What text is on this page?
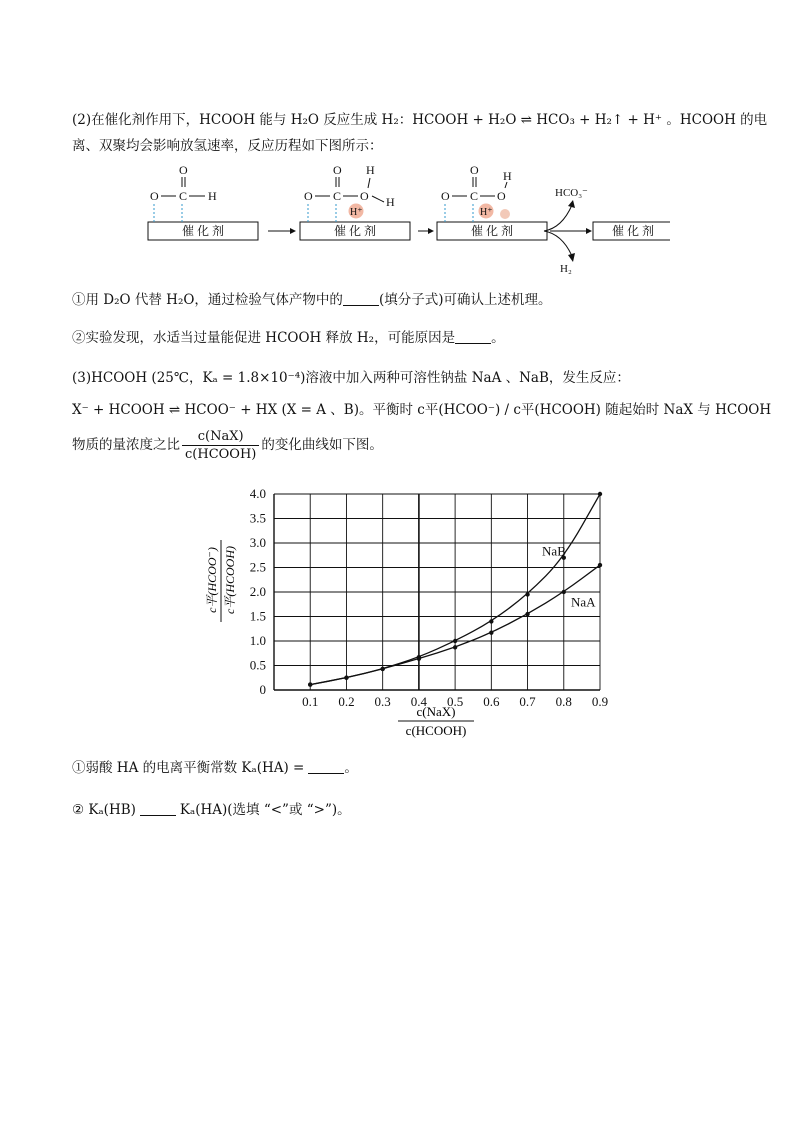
(2)在催化剂作用下，HCOOH 能与 H₂O 反应生成 H₂：HCOOH + H₂O ⇌ HCO₃ + H₂↑ + H⁺ 。HCOOH 的电
离、双聚均会影响放氢速率，反应历程如下图所示：
催 化 剂	催 化 剂	催 化 剂	催 化 剂
O C H
O
O C O
O H
H
H⁺
O C O
O H
H⁺
HCO₃⁻
H₂
①用 D₂O 代替 H₂O，通过检验气体产物中的	(填分子式)可确认上述机理。
②实验发现，水适当过量能促进 HCOOH 释放 H₂，可能原因是	。
(3)HCOOH (25℃，Kₐ = 1.8×10⁻⁴)溶液中加入两种可溶性钠盐 NaA 、NaB，发生反应：
X⁻ + HCOOH ⇌ HCOO⁻ + HX (X = A 、B)。平衡时 c平(HCOO⁻) / c平(HCOOH) 随起始时 NaX 与 HCOOH
物质的量浓度之比 $\frac{\text{c(NaX)}}{\text{c(HCOOH)}}$ 的变化曲线如下图。
0.1 0.2 0.3 0.4 0.5 0.6 0.7 0.8 0.9
0
0.5
1.0
1.5
2.0
2.5
3.0
3.5
4.0
NaB
NaA
c平(HCOO⁻) c平(HCOOH)
c(NaX)
c(HCOOH)
①弱酸 HA 的电离平衡常数 Kₐ(HA) =	。
② Kₐ(HB)	Kₐ(HA)(选填 “<”或 “>”)。
